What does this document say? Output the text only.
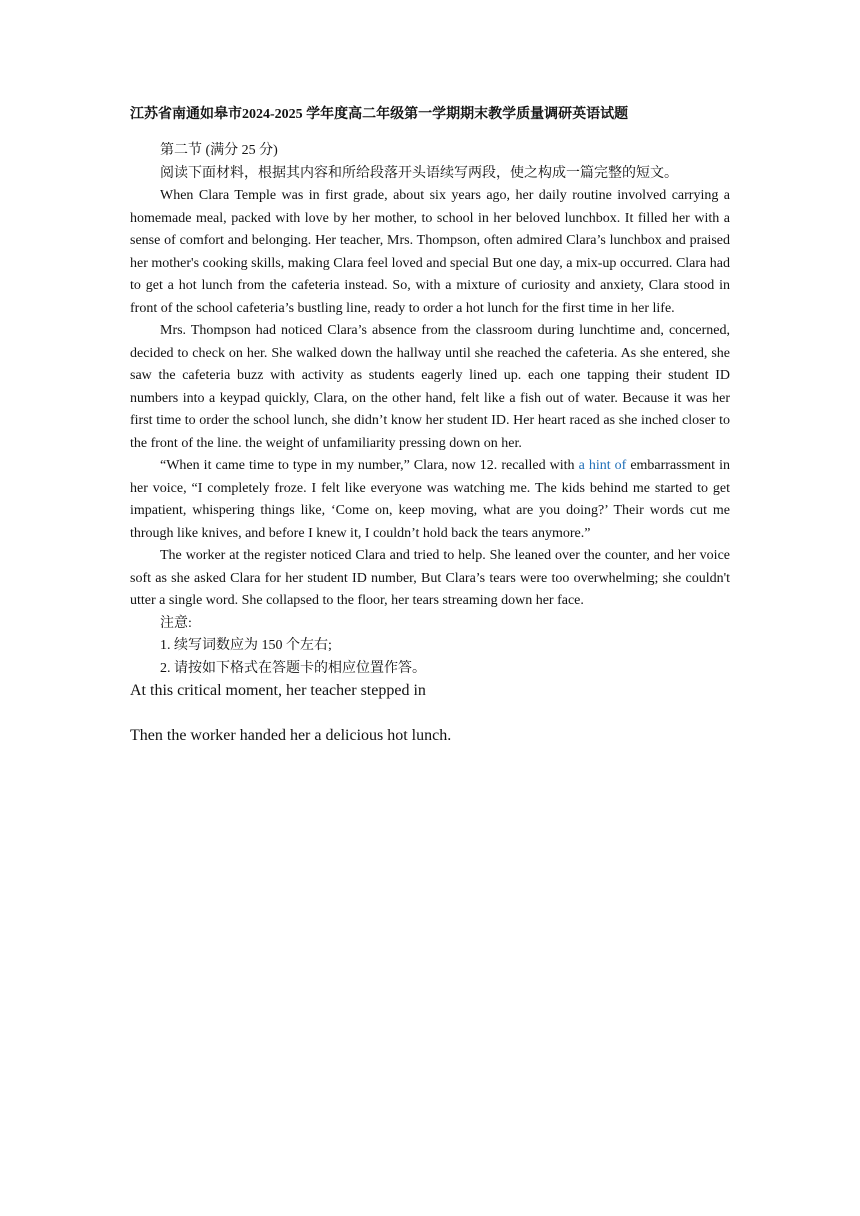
江苏省南通如皋市2024-2025 学年度高二年级第一学期期末教学质量调研英语试题

第二节 (满分 25 分)

阅读下面材料，根据其内容和所给段落开头语续写两段，使之构成一篇完整的短文。

When Clara Temple was in first grade, about six years ago, her daily routine involved carrying a homemade meal, packed with love by her mother, to school in her beloved lunchbox. It filled her with a sense of comfort and belonging. Her teacher, Mrs. Thompson, often admired Clara’s lunchbox and praised her mother's cooking skills, making Clara feel loved and special But one day, a mix-up occurred. Clara had to get a hot lunch from the cafeteria instead. So, with a mixture of curiosity and anxiety, Clara stood in front of the school cafeteria’s bustling line, ready to order a hot lunch for the first time in her life.

Mrs. Thompson had noticed Clara’s absence from the classroom during lunchtime and, concerned, decided to check on her. She walked down the hallway until she reached the cafeteria. As she entered, she saw the cafeteria buzz with activity as students eagerly lined up. each one tapping their student ID numbers into a keypad quickly, Clara, on the other hand, felt like a fish out of water. Because it was her first time to order the school lunch, she didn’t know her student ID. Her heart raced as she inched closer to the front of the line. the weight of unfamiliarity pressing down on her.

“When it came time to type in my number,” Clara, now 12. recalled with a hint of embarrassment in her voice, “I completely froze. I felt like everyone was watching me. The kids behind me started to get impatient, whispering things like, ‘Come on, keep moving, what are you doing?’ Their words cut me through like knives, and before I knew it, I couldn’t hold back the tears anymore.”

The worker at the register noticed Clara and tried to help. She leaned over the counter, and her voice soft as she asked Clara for her student ID number, But Clara’s tears were too overwhelming; she couldn't utter a single word. She collapsed to the floor, her tears streaming down her face.

注意:

1. 续写词数应为 150 个左右;

2. 请按如下格式在答题卡的相应位置作答。

At this critical moment, her teacher stepped in

Then the worker handed her a delicious hot lunch.
